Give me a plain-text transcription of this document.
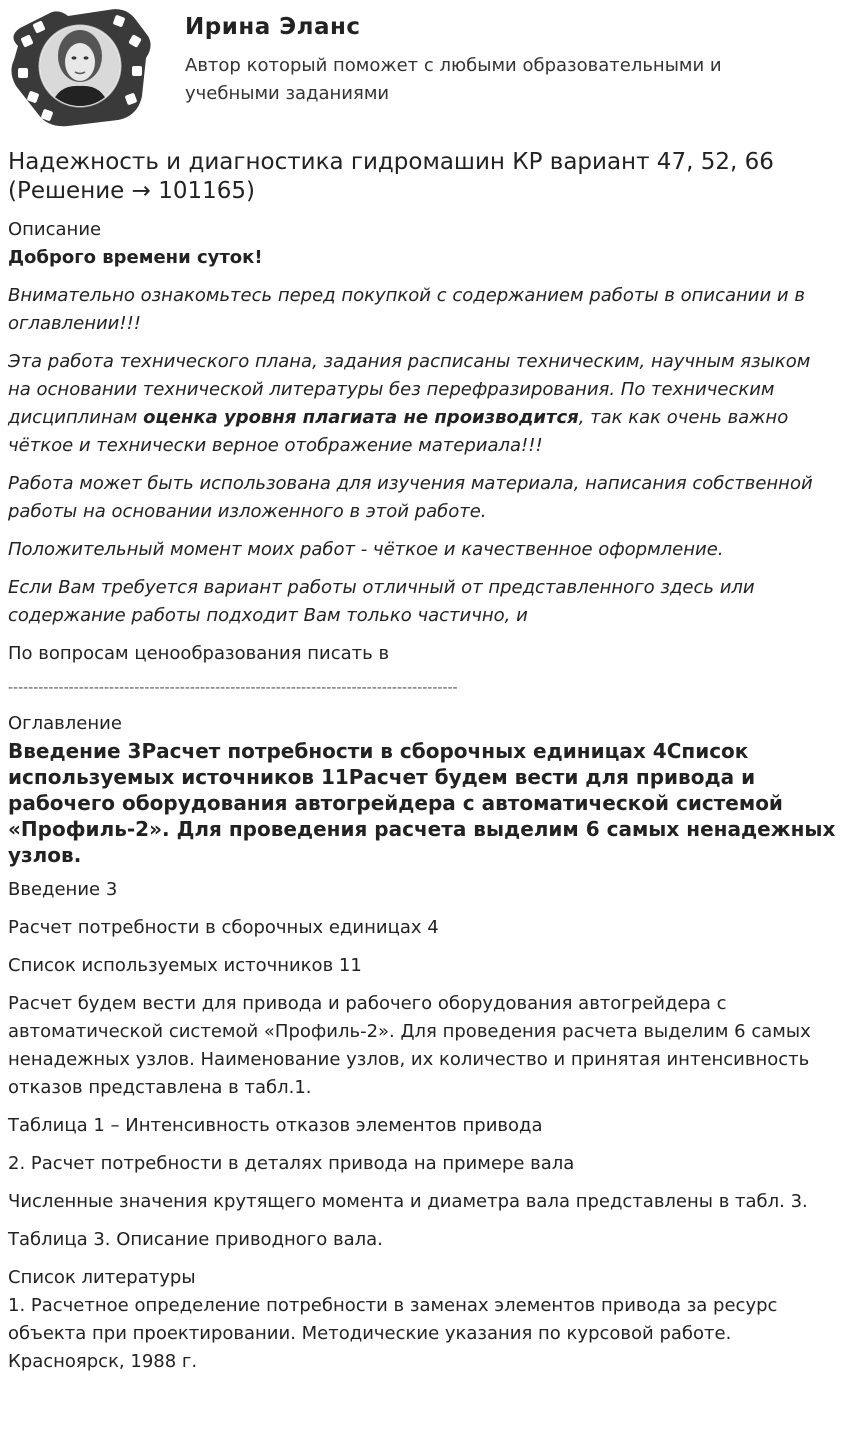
Ирина Эланс
Автор который поможет с любыми образовательными и учебными заданиями
Надежность и диагностика гидромашин КР вариант 47, 52, 66 (Решение → 101165)
Описание

Доброго времени суток!

Внимательно ознакомьтесь перед покупкой с содержанием работы в описании и в оглавлении!!!

Эта работа технического плана, задания расписаны техническим, научным языком на основании технической литературы без перефразирования. По техническим дисциплинам оценка уровня плагиата не производится, так как очень важно чёткое и технически верное отображение материала!!!

Работа может быть использована для изучения материала, написания собственной работы на основании изложенного в этой работе.

Положительный момент моих работ - чёткое и качественное оформление.

Если Вам требуется вариант работы отличный от представленного здесь или содержание работы подходит Вам только частично, и

По вопросам ценообразования писать в

-----------------------------------------------------------------------------------------
Оглавление
Введение 3Расчет потребности в сборочных единицах 4Список используемых источников 11Расчет будем вести для привода и рабочего оборудования автогрейдера с автоматической системой «Профиль-2». Для проведения расчета выделим 6 самых ненадежных узлов.

Введение 3

Расчет потребности в сборочных единицах 4

Список используемых источников 11

Расчет будем вести для привода и рабочего оборудования автогрейдера с автоматической системой «Профиль-2». Для проведения расчета выделим 6 самых ненадежных узлов. Наименование узлов, их количество и принятая интенсивность отказов представлена в табл.1.

Таблица 1 – Интенсивность отказов элементов привода

2. Расчет потребности в деталях привода на примере вала

Численные значения крутящего момента и диаметра вала представлены в табл. 3.

Таблица 3. Описание приводного вала.

Список литературы

1. Расчетное определение потребности в заменах элементов привода за ресурс объекта при проектировании. Методические указания по курсовой работе. Красноярск, 1988 г.
